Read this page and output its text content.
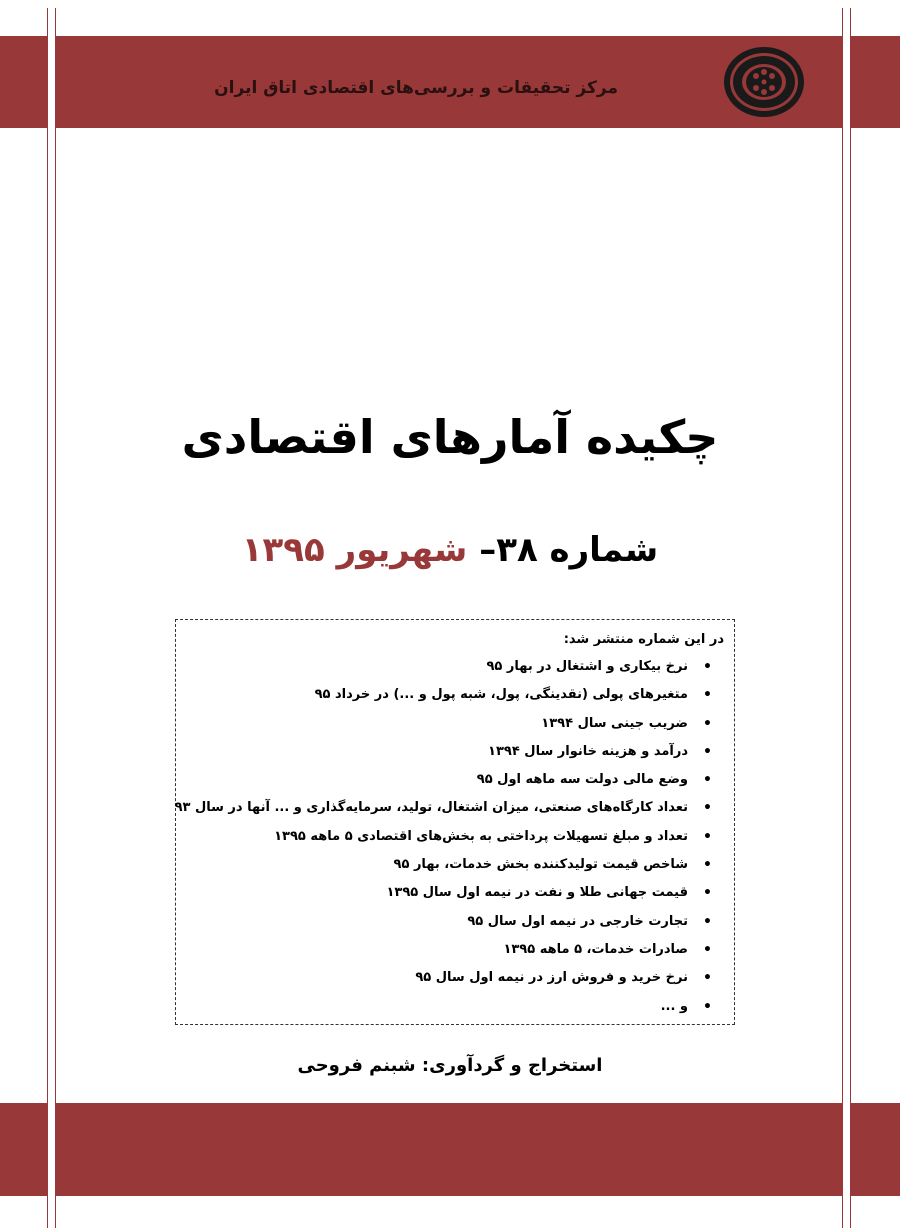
مرکز تحقیقات و بررسی‌های اقتصادی اتاق ایران
چکیده آمارهای اقتصادی
شماره ۳۸– شهریور ۱۳۹۵
در این شماره منتشر شد:
•
نرخ بیکاری و اشتغال در بهار ۹۵
•
متغیرهای پولی (نقدینگی، پول، شبه پول و ...) در خرداد ۹۵
•
ضریب جینی سال ۱۳۹۴
•
درآمد و هزینه خانوار سال ۱۳۹۴
•
وضع مالی دولت سه ماهه اول ۹۵
•
تعداد کارگاه‌های صنعتی، میزان اشتغال، تولید، سرمایه‌گذاری و ... آنها در سال ۹۳
•
تعداد و مبلغ تسهیلات پرداختی به بخش‌های اقتصادی ۵ ماهه ۱۳۹۵
•
شاخص قیمت تولیدکننده بخش خدمات، بهار ۹۵
•
قیمت جهانی طلا و نفت در نیمه اول سال ۱۳۹۵
•
تجارت خارجی در نیمه اول سال ۹۵
•
صادرات خدمات، ۵ ماهه ۱۳۹۵
•
نرخ خرید و فروش ارز در نیمه اول سال ۹۵
•
و ...
استخراج و گردآوری: شبنم فروحی
